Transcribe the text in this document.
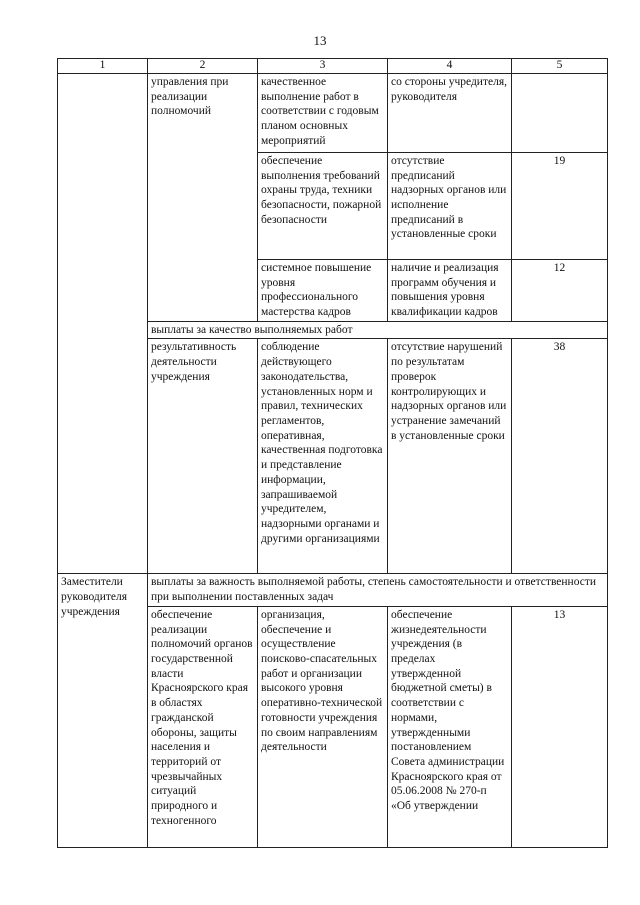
13
1	2	3	4	5
	управления при реализации полномочий	качественное выполнение работ в соответствии с годовым планом основных мероприятий	со стороны учредителя, руководителя	
		обеспечение выполнения требований охраны труда, техники безопасности, пожарной безопасности	отсутствие предписаний надзорных органов или исполнение предписаний в установленные сроки	19
		системное повышение уровня профессионального мастерства кадров	наличие и реализация программ обучения и повышения уровня квалификации кадров	12
	выплаты за качество выполняемых работ			
	результативность деятельности учреждения	соблюдение действующего законодательства, установленных норм и правил, технических регламентов, оперативная, качественная подготовка и представление информации, запрашиваемой учредителем, надзорными органами и другими организациями	отсутствие нарушений по результатам проверок контролирующих и надзорных органов или устранение замечаний в установленные сроки	38
Заместители руководителя учреждения	выплаты за важность выполняемой работы, степень самостоятельности и ответственности при выполнении поставленных задач			
	обеспечение реализации полномочий органов государственной власти Красноярского края в областях гражданской обороны, защиты населения и территорий от чрезвычайных ситуаций природного и техногенного	организация, обеспечение и осуществление поисково-спасательных работ и организации высокого уровня оперативно-технической готовности учреждения по своим направлениям деятельности	обеспечение жизнедеятельности учреждения (в пределах утвержденной бюджетной сметы) в соответствии с нормами, утвержденными постановлением Совета администрации Красноярского края от 05.06.2008 № 270-п «Об утверждении	13
